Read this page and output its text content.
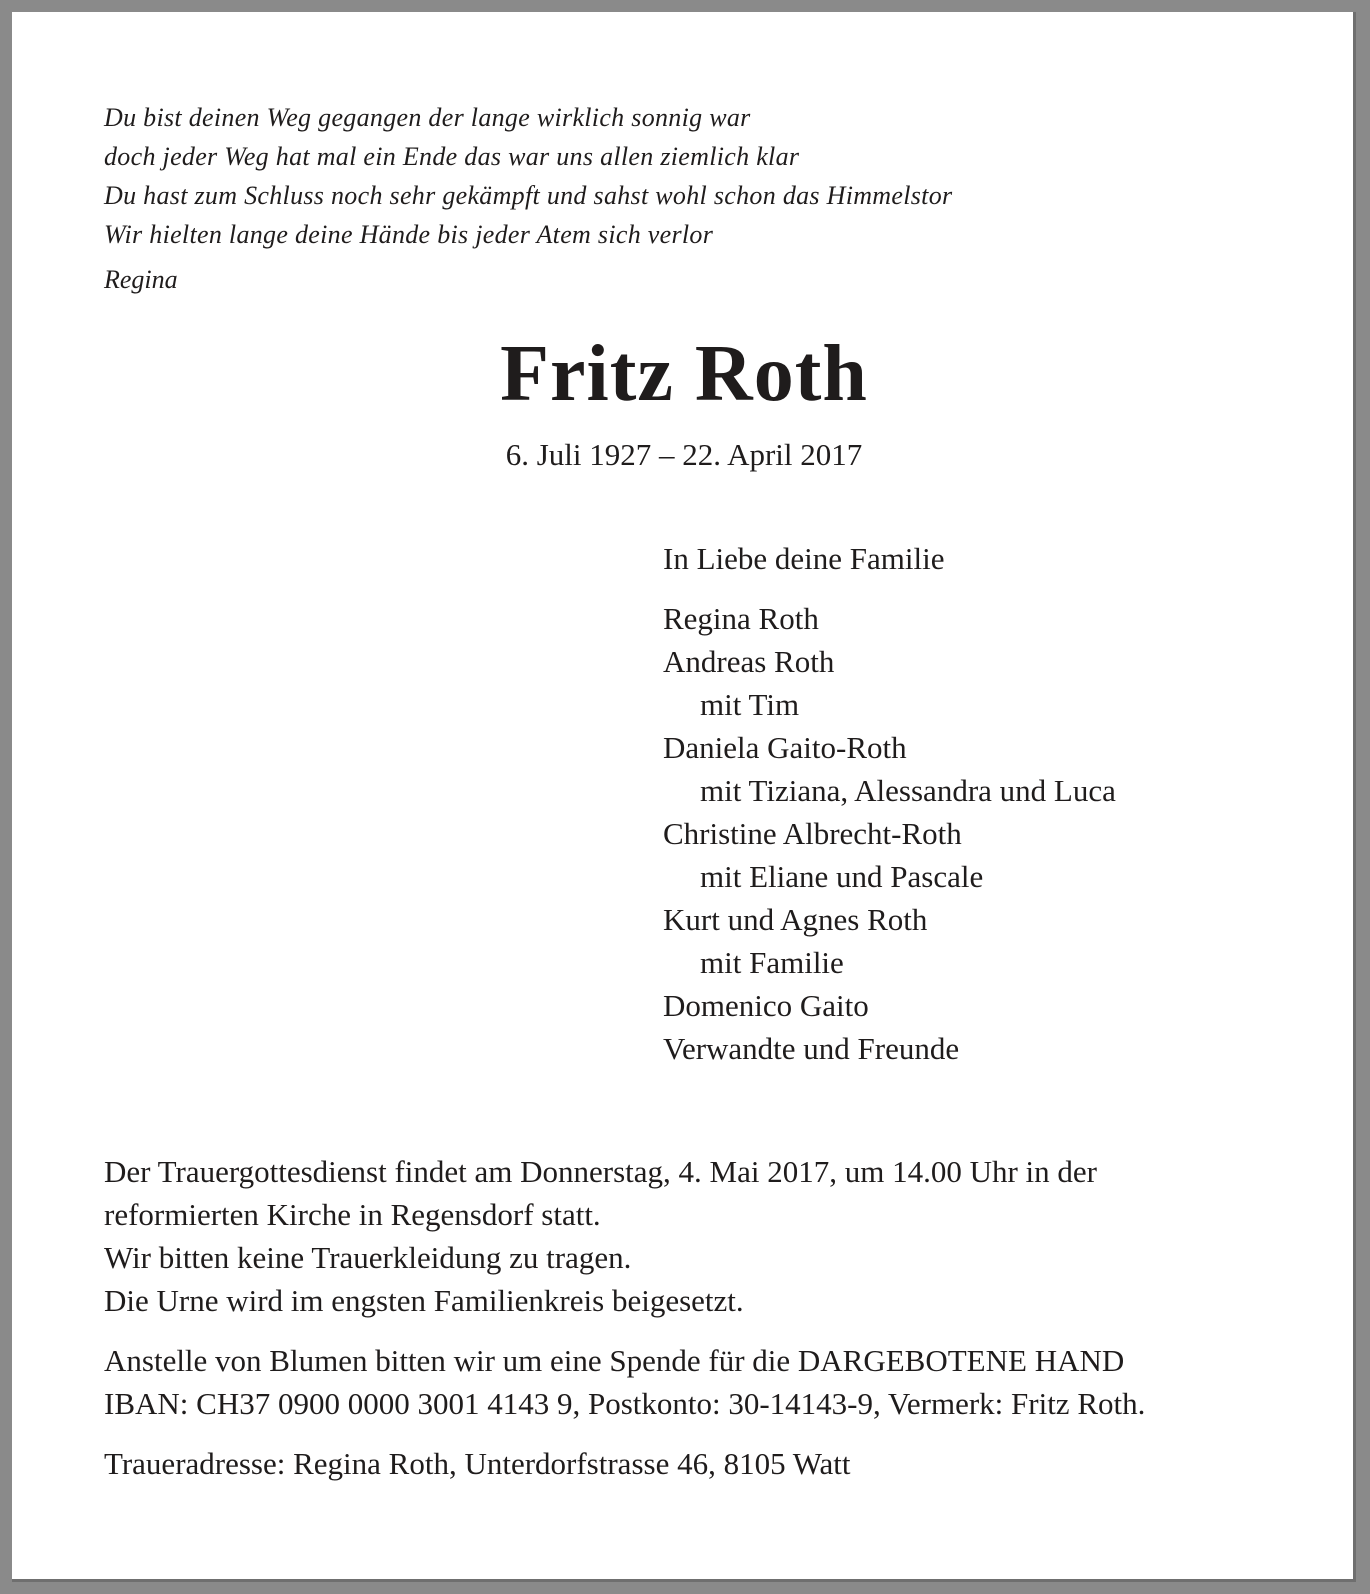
Du bist deinen Weg gegangen der lange wirklich sonnig war
doch jeder Weg hat mal ein Ende das war uns allen ziemlich klar
Du hast zum Schluss noch sehr gekämpft und sahst wohl schon das Himmelstor
Wir hielten lange deine Hände bis jeder Atem sich verlor
Regina
Fritz Roth
6. Juli 1927 – 22. April 2017
In Liebe deine Familie
Regina Roth
Andreas Roth
mit Tim
Daniela Gaito-Roth
mit Tiziana, Alessandra und Luca
Christine Albrecht-Roth
mit Eliane und Pascale
Kurt und Agnes Roth
mit Familie
Domenico Gaito
Verwandte und Freunde
Der Trauergottesdienst findet am Donnerstag, 4. Mai 2017, um 14.00 Uhr in der
reformierten Kirche in Regensdorf statt.
Wir bitten keine Trauerkleidung zu tragen.
Die Urne wird im engsten Familienkreis beigesetzt.
Anstelle von Blumen bitten wir um eine Spende für die DARGEBOTENE HAND
IBAN: CH37 0900 0000 3001 4143 9, Postkonto: 30-14143-9, Vermerk: Fritz Roth.
Traueradresse: Regina Roth, Unterdorfstrasse 46, 8105 Watt
